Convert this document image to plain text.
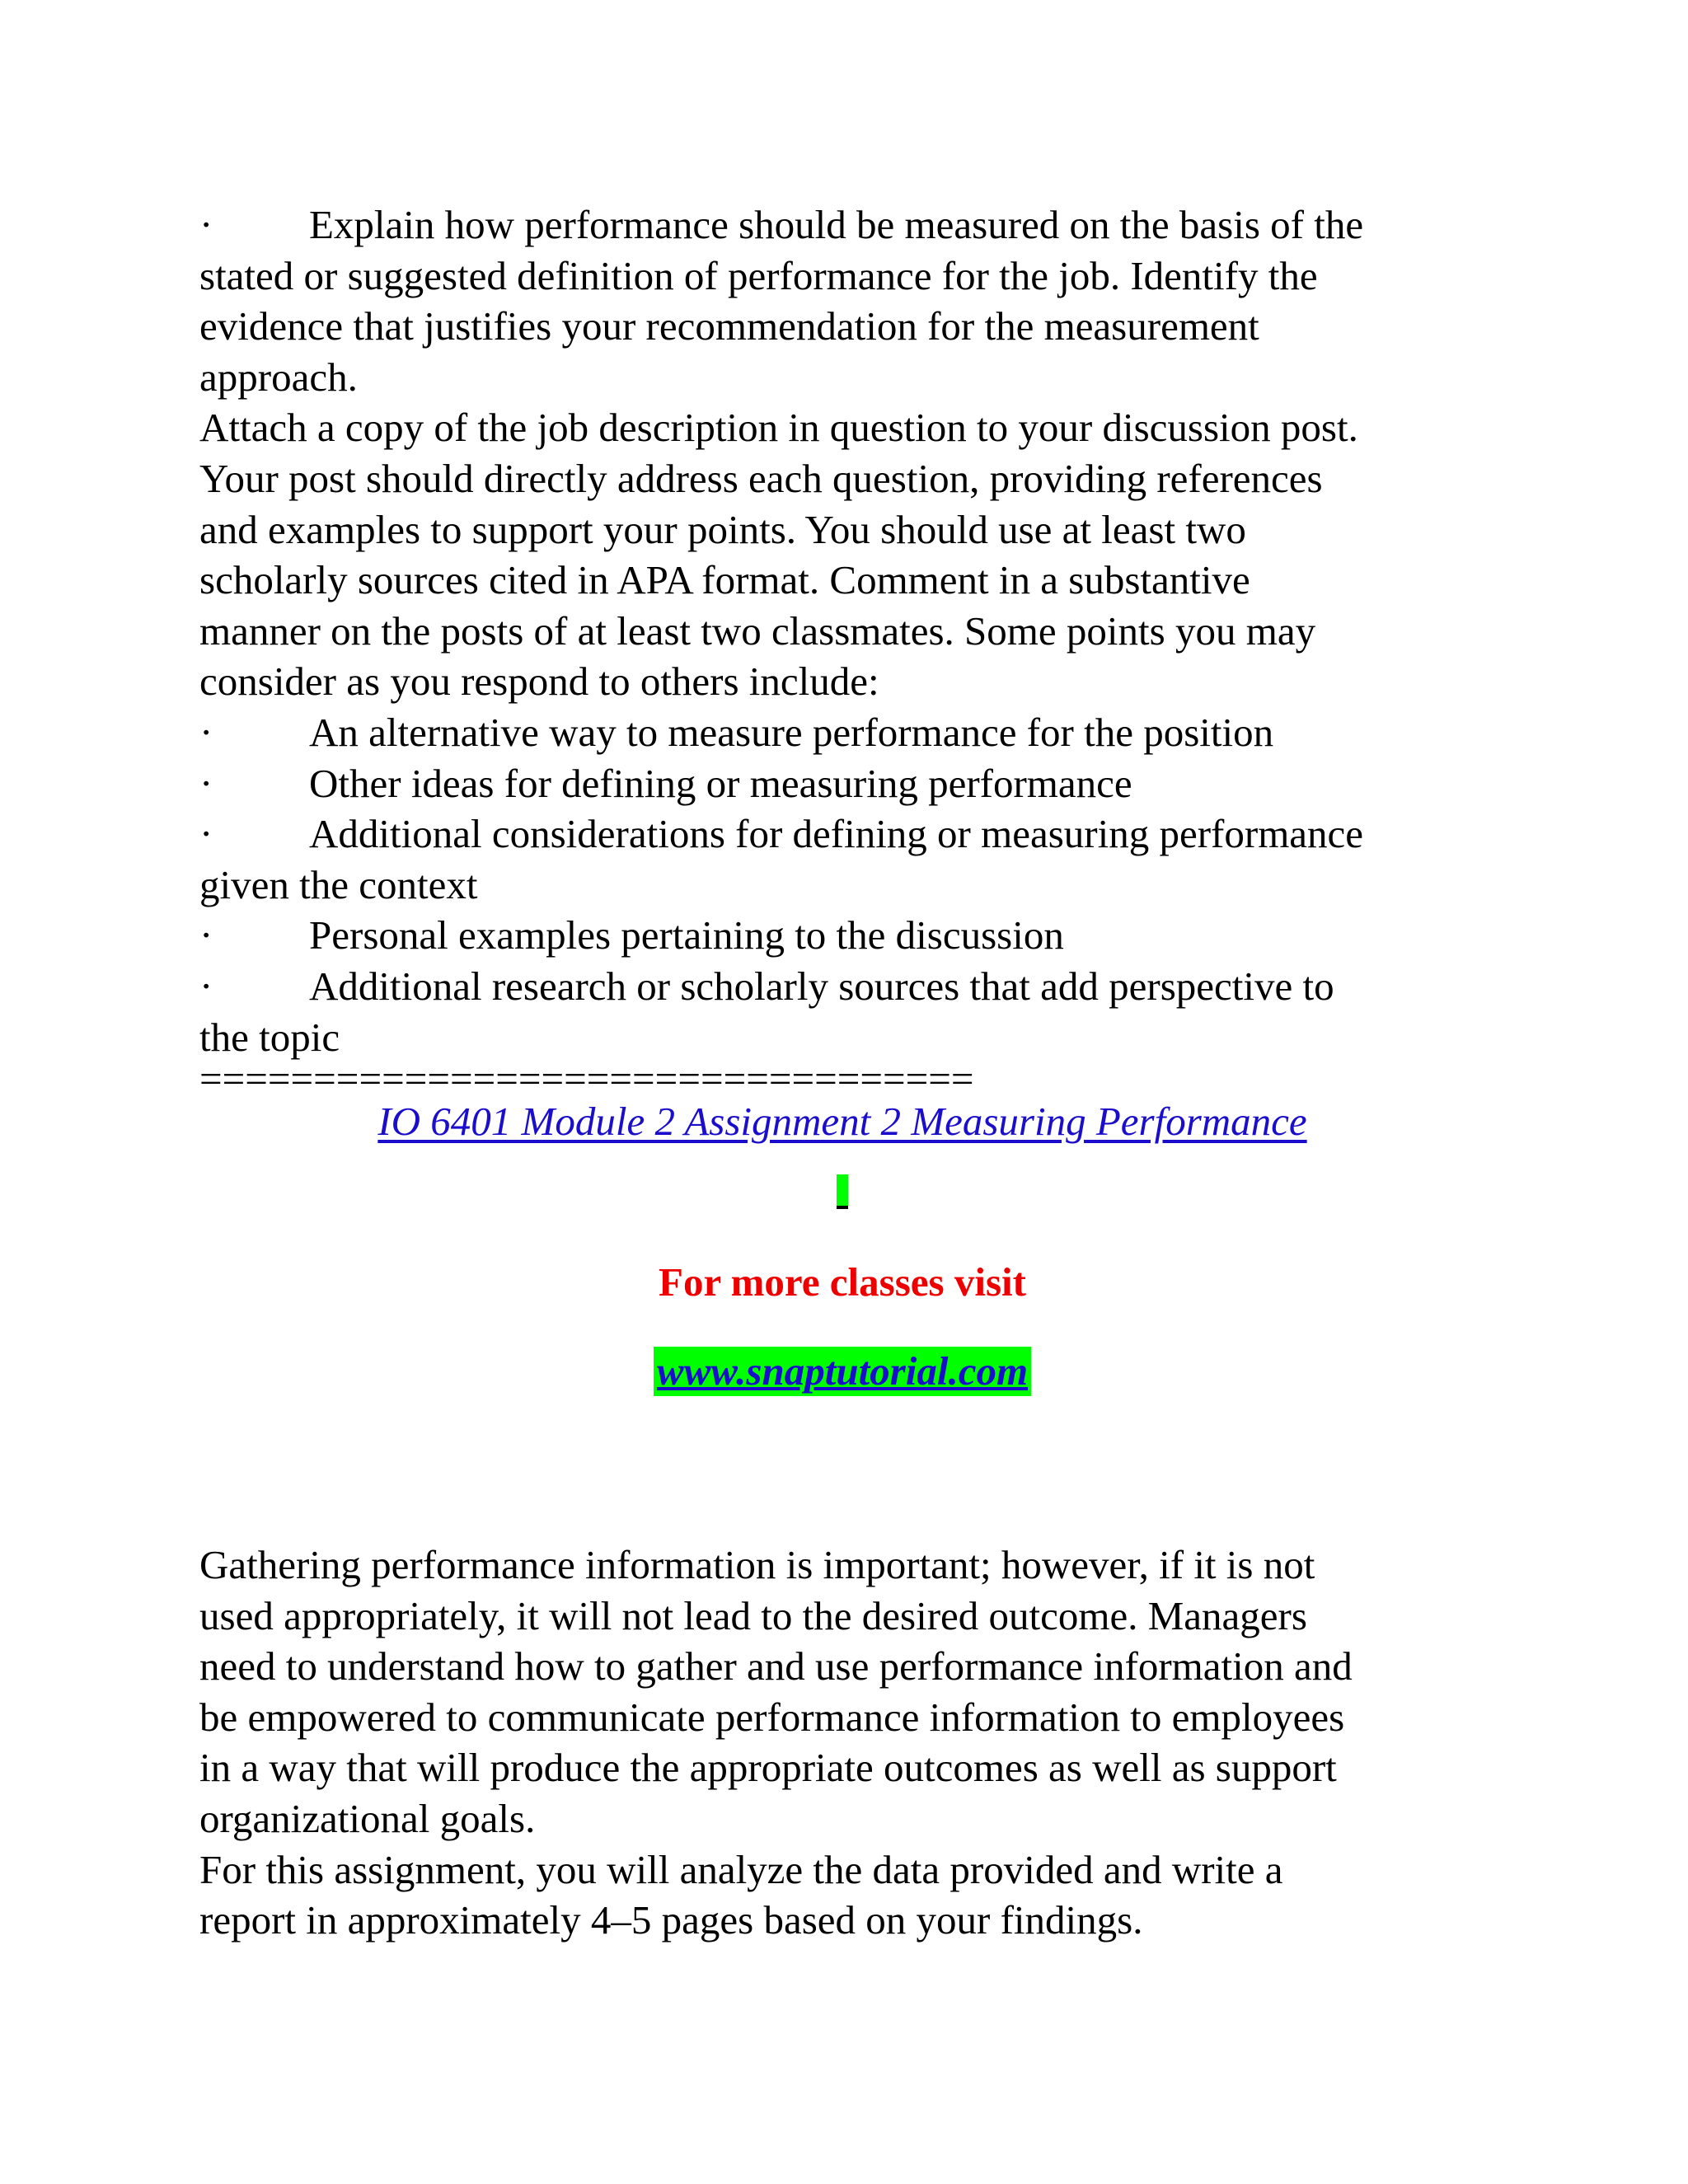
· Explain how performance should be measured on the basis of the
stated or suggested definition of performance for the job. Identify the
evidence that justifies your recommendation for the measurement
approach.
Attach a copy of the job description in question to your discussion post.
Your post should directly address each question, providing references
and examples to support your points. You should use at least two
scholarly sources cited in APA format. Comment in a substantive
manner on the posts of at least two classmates. Some points you may
consider as you respond to others include:
· An alternative way to measure performance for the position
· Other ideas for defining or measuring performance
· Additional considerations for defining or measuring performance
given the context
· Personal examples pertaining to the discussion
· Additional research or scholarly sources that add perspective to
the topic
==================================
IO 6401 Module 2 Assignment 2 Measuring Performance
For more classes visit
www.snaptutorial.com
Gathering performance information is important; however, if it is not
used appropriately, it will not lead to the desired outcome. Managers
need to understand how to gather and use performance information and
be empowered to communicate performance information to employees
in a way that will produce the appropriate outcomes as well as support
organizational goals.
For this assignment, you will analyze the data provided and write a
report in approximately 4–5 pages based on your findings.
